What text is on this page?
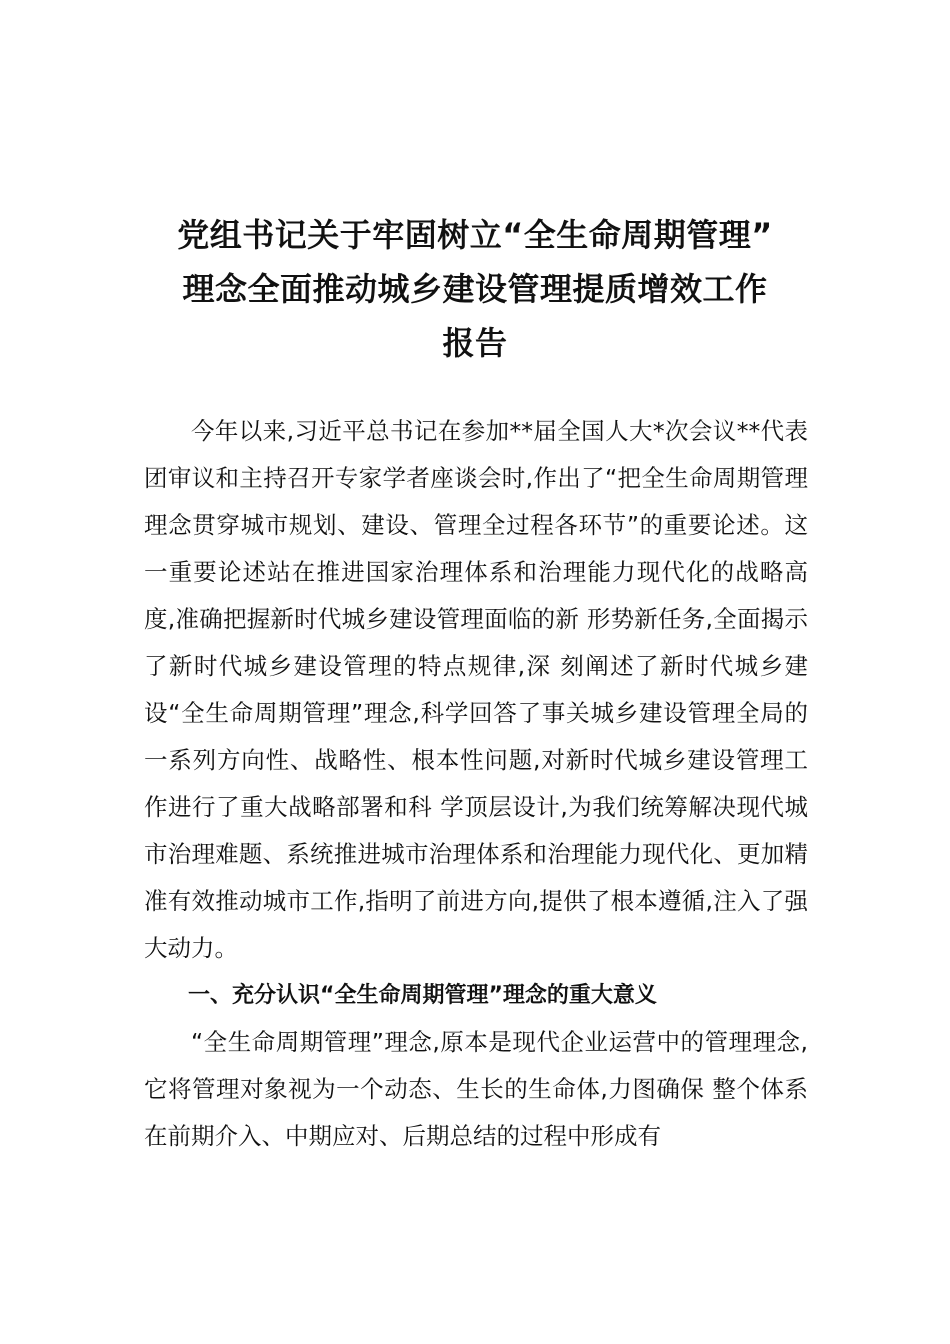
党组书记关于牢固树立“全生命周期管理”
理念全面推动城乡建设管理提质增效工作
报告

今年以来,习近平总书记在参加**届全国人大*次会议**代表团审议和主持召开专家学者座谈会时,作出了“把全生命周期管理理念贯穿城市规划、建设、管理全过程各环节”的重要论述。这一重要论述站在推进国家治理体系和治理能力现代化的战略高度,准确把握新时代城乡建设管理面临的新 形势新任务,全面揭示了新时代城乡建设管理的特点规律,深 刻阐述了新时代城乡建设“全生命周期管理”理念,科学回答了事关城乡建设管理全局的一系列方向性、战略性、根本性问题,对新时代城乡建设管理工作进行了重大战略部署和科 学顶层设计,为我们统筹解决现代城市治理难题、系统推进城市治理体系和治理能力现代化、更加精准有效推动城市工作,指明了前进方向,提供了根本遵循,注入了强大动力。

一、充分认识“全生命周期管理”理念的重大意义

“全生命周期管理”理念,原本是现代企业运营中的管理理念,它将管理对象视为一个动态、生长的生命体,力图确保 整个体系在前期介入、中期应对、后期总结的过程中形成有
